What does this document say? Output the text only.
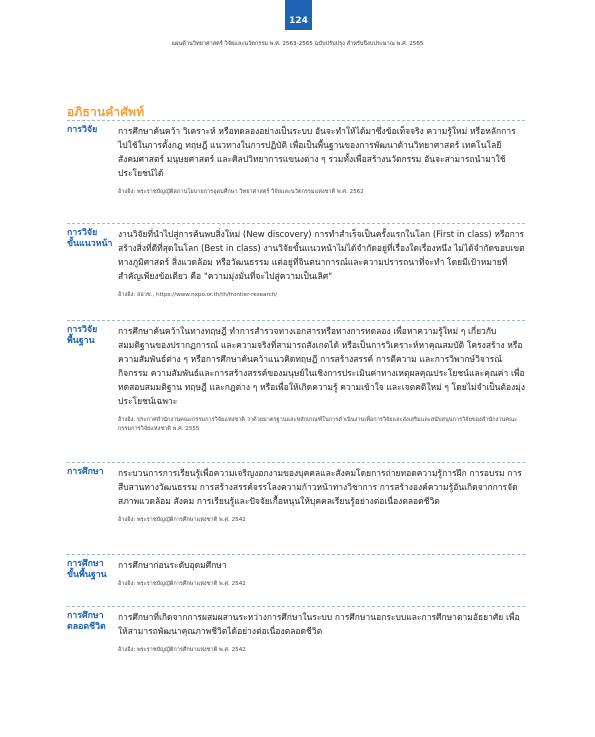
124
แผนด้านวิทยาศาสตร์ วิจัยและนวัตกรรม พ.ศ. 2563-2565 ฉบับปรับปรุง สำหรับปีงบประมาณ พ.ศ. 2565
อภิธานคำศัพท์
การวิจัย	การศึกษาค้นคว้า วิเคราะห์ หรือทดลองอย่างเป็นระบบ อันจะทำให้ได้มาซึ่งข้อเท็จจริง ความรู้ใหม่ หรือหลักการไปใช้ในการตั้งกฎ ทฤษฎี แนวทางในการปฏิบัติ เพื่อเป็นพื้นฐานของการพัฒนาด้านวิทยาศาสตร์ เทคโนโลยี สังคมศาสตร์ มนุษยศาสตร์ และศิลปวิทยาการแขนงต่าง ๆ รวมทั้งเพื่อสร้างนวัตกรรม อันจะสามารถนำมาใช้ประโยชน์ได้

อ้างอิง: พระราชบัญญัติสภานโยบายการอุดมศึกษา วิทยาศาสตร์ วิจัยและนวัตกรรมแห่งชาติ พ.ศ. 2562

การวิจัย
ขั้นแนวหน้า

งานวิจัยที่นำไปสู่การค้นพบสิ่งใหม่ (New discovery) การทำสำเร็จเป็นครั้งแรกในโลก (First in class) หรือการสร้างสิ่งที่ดีที่สุดในโลก (Best in class) งานวิจัยขั้นแนวหน้าไม่ได้จำกัดอยู่ที่เรื่องใดเรื่องหนึ่ง ไม่ได้จำกัดขอบเขตทางภูมิศาสตร์ สิ่งแวดล้อม หรือวัฒนธรรม แต่อยู่ที่จินตนาการณ์และความปรารถนาที่จะทำ โดยมีเป้าหมายที่สำคัญเพียงข้อเดียว คือ "ความมุ่งมั่นที่จะไปสู่ความเป็นเลิศ"

อ้างอิง: สอวช., https://www.nxpo.or.th/th/frontier-research/

การวิจัย
พื้นฐาน

การศึกษาค้นคว้าในทางทฤษฎี ทำการสำรวจทางเอกสารหรือทางการทดลอง เพื่อหาความรู้ใหม่ ๆ เกี่ยวกับสมมติฐานของปรากฏการณ์ และความจริงที่สามารถสังเกตได้ หรือเป็นการวิเคราะห์หาคุณสมบัติ โครงสร้าง หรือความสัมพันธ์ต่าง ๆ หรือการศึกษาค้นคว้าแนวคิดทฤษฎี การสร้างสรรค์ การตีความ และการวิพากษ์วิจารณ์กิจกรรม ความสัมพันธ์และการสร้างสรรค์ของมนุษย์ในเชิงการประเมินค่าทางเหตุผลคุณประโยชน์และคุณค่า เพื่อทดสอบสมมติฐาน ทฤษฎี และกฎต่าง ๆ หรือเพื่อให้เกิดความรู้ ความเข้าใจ และเจตคติใหม่ ๆ โดยไม่จำเป็นต้องมุ่งประโยชน์เฉพาะ

อ้างอิง: ประกาศสำนักงานคณะกรรมการวิจัยแห่งชาติ ว่าด้วยมาตรฐานและหลักเกณฑ์ในการดำเนินงานเพื่อการวิจัยและส่งเสริมและสนับสนุนการวิจัยของสำนักงานคณะกรรมการวิจัยแห่งชาติ พ.ศ. 2555

การศึกษา	กระบวนการการเรียนรู้เพื่อความเจริญงอกงามของบุคคลและสังคมโดยการถ่ายทอดความรู้การฝึก การอบรม การสืบสานทางวัฒนธรรม การสร้างสรรค์จรรโลงความก้าวหน้าทางวิชาการ การสร้างองค์ความรู้อันเกิดจากการจัดสภาพแวดล้อม สังคม การเรียนรู้และปัจจัยเกื้อหนุนให้บุคคลเรียนรู้อย่างต่อเนื่องตลอดชีวิต

อ้างอิง: พระราชบัญญัติการศึกษาแห่งชาติ พ.ศ. 2542

การศึกษา
ขั้นพื้นฐาน

การศึกษาก่อนระดับอุดมศึกษา

อ้างอิง: พระราชบัญญัติการศึกษาแห่งชาติ พ.ศ. 2542

การศึกษา
ตลอดชีวิต

การศึกษาที่เกิดจากการผสมผสานระหว่างการศึกษาในระบบ การศึกษานอกระบบและการศึกษาตามอัธยาศัย เพื่อให้สามารถพัฒนาคุณภาพชีวิตได้อย่างต่อเนื่องตลอดชีวิต

อ้างอิง: พระราชบัญญัติการศึกษาแห่งชาติ พ.ศ. 2542
